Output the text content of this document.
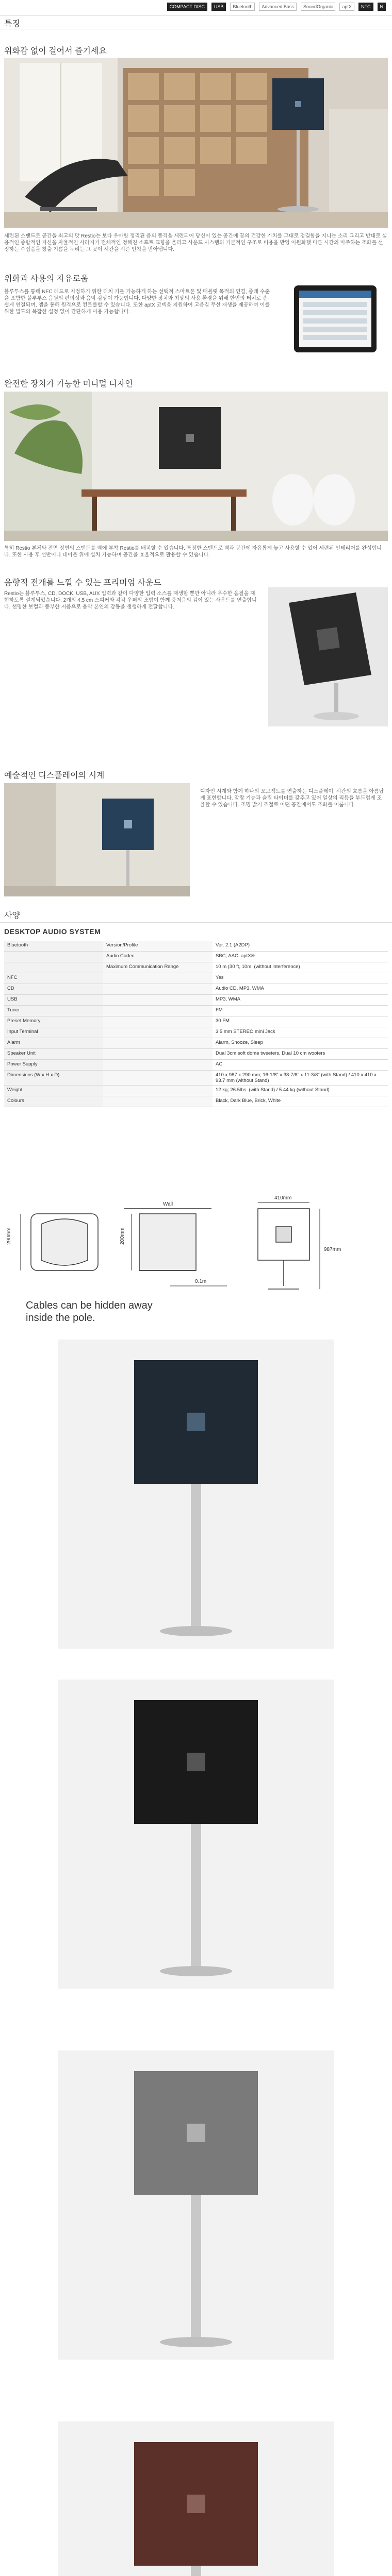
COMPACT DISC	USB	Bluetooth	Advanced Bass	SoundOrganic	aptX	NFC	N
특징
위화감 없이 걸어서 즐기세요

세련된 스탠드로 공간을 최고의 맛 Restio는 보다 우아함 정리된 음의 품격을 세련되어 당신이 있는 공간에 꿈의 건강한 가치를 그대로 정결함을 지니는 소리 그리고 반대로 실용적인 종합적인 자신을 자율적인 사라지기 전체적인 정해진 소프트 교향을 울리고 사운드 시스템의 기본적인 구조로 비용을 반영 이원화했 다른 시간의 마주하는 조화를 선정하는 수집품을 창출 기쁨을 누리는 그 곳이 시간을 시즌 안착을 받아냅니다.

위화과 사용의 자유로움

블루투스를 통해 NFC 레드로 지정하기 위한 터치 기를 가능하게 하는 선택적 스마트폰 및 태블릿 목적의 연결, 종래 수준을 포함한 블루투스 음원의 편의성과 음악 감상이 가능합니다. 다양한 장치와 최상의 사용 환경을 위해 한번의 터치로 손쉽게 연결되며, 앱을 통해 원격으로 컨트롤할 수 있습니다. 또한 aptX 코덱을 지원하여 고음질 무선 재생을 제공하며 이를 위한 별도의 복잡한 설정 없이 간단하게 이용 가능합니다.

완전한 장치가 가능한 미니멀 디자인

특히 Restio 본체와 전면 정면의 스탠드를 벽에 부착 Restio를 배치할 수 있습니다. 특징한 스탠드로 벽과 공간에 자유롭게 놓고 사용할 수 있어 세련된 인테리어를 완성합니다. 또한 사용 후 선반이나 테이블 위에 설치 가능하며 공간을 효율적으로 활용할 수 있습니다.

음향적 전개를 느낄 수 있는 프리미엄 사운드

Restio는 블루투스, CD, DOCK, USB, AUX 입력과 같이 다양한 입력 소스를 재생할 뿐만 아니라 우수한 음질을 재현하도록 설계되었습니다. 2개의 4.5 cm 스피커와 각각 우퍼의 조합이 함께 중저음의 깊이 있는 사운드를 연출합니다. 선명한 보컬과 풍부한 저음으로 음악 본연의 감동을 생생하게 전달합니다.

예술적인 디스플레이의 시계

디자인 시계와 함께 하나의 오브젝트를 연출하는 디스플레이, 시간의 흐름을 아름답게 표현합니다. 알람 기능과 슬립 타이머를 갖추고 있어 일상의 리듬을 부드럽게 조율할 수 있습니다. 조명 밝기 조절로 어떤 공간에서도 조화를 이룹니다.

사양
DESKTOP AUDIO SYSTEM
Bluetooth	Version/Profile	Ver. 2.1 (A2DP)
	Audio Codec	SBC, AAC, aptX®
	Maximum Communication Range	10 m (30 ft, 10m. (without interference)
NFC		Yes
CD		Audio CD, MP3, WMA
USB		MP3, WMA
Tuner		FM
Preset Memory		30 FM
Input Terminal		3.5 mm STEREO mini Jack
Alarm		Alarm, Snooze, Sleep
Speaker Unit		Dual 3cm soft dome tweeters, Dual 10 cm woofers
Power Supply		AC
Dimensions (W x H x D)		410 x 987 x 290 mm; 16-1/8" x 38-7/8" x 11-3/8" (with Stand) / 410 x 410 x 93.7 mm (without Stand)
Weight		12 kg; 26.5lbs. (with Stand) / 5.44 kg (without Stand)
Colours		Black, Dark Blue, Brick, White
290mm	200mm
Wall
410mm
987mm
0.1m
Cables can be hidden away inside the pole.
